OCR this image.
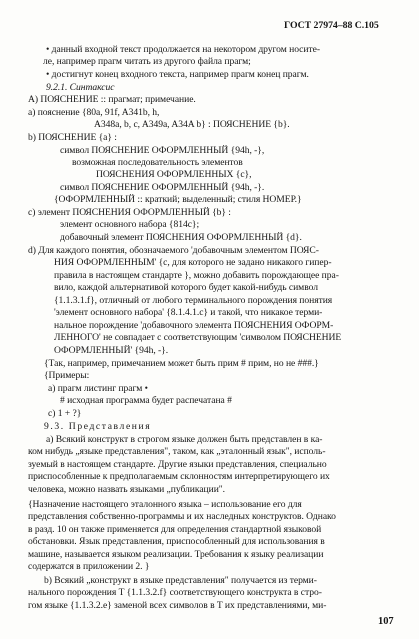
ГОСТ 27974–88 С.105
• данный входной текст продолжается на некотором другом носите-
ле, например прагм читать из другого файла прагм;
• достигнут конец входного текста, например прагм конец прагм.
9.2.1. Синтаксис
A) ПОЯСНЕНИЕ :: прагмат; примечание.
a) пояснение {80a, 91f, A341b, h,
A348a, b, c, A349a, A34A b} : ПОЯСНЕНИЕ {b}.
b) ПОЯСНЕНИЕ {a} :
символ ПОЯСНЕНИЕ ОФОРМЛЕННЫЙ {94h, -},
возможная последовательность элементов
ПОЯСНЕНИЯ ОФОРМЛЕННЫХ {c},
символ ПОЯСНЕНИЕ ОФОРМЛЕННЫЙ {94h, -}.
{ОФОРМЛЕННЫЙ :: краткий; выделенный; стиля НОМЕР.}
c) элемент ПОЯСНЕНИЯ ОФОРМЛЕННЫЙ {b} :
элемент основного набора {814c};
добавочный элемент ПОЯСНЕНИЯ ОФОРМЛЕННЫЙ {d}.
d) Для каждого понятия, обозначаемого 'добавочным элементом ПОЯС-
НИЯ ОФОРМЛЕННЫМ' {c, для которого не задано никакого гипер-
правила в настоящем стандарте }, можно добавить порождающее пра-
вило, каждой альтернативой которого будет какой-нибудь символ
{1.1.3.1.f}, отличный от любого терминального порождения понятия
'элемент основного набора' {8.1.4.1.c} и такой, что никакое терми-
нальное порождение 'добавочного элемента ПОЯСНЕНИЯ ОФОРМ-
ЛЕННОГО' не совпадает с соответствующим 'символом ПОЯСНЕНИЕ
ОФОРМЛЕННЫЙ' {94h, -}.
{Так, например, примечанием может быть прим # прим, но не ###.}
{Примеры:
a) прагм листинг прагм •
# исходная программа будет распечатана #
c) 1 + ?}
9.3. Представления
a) Всякий конструкт в строгом языке должен быть представлен в ка-
ком нибудь „языке представления", таком, как „эталонный язык", исполь-
зуемый в настоящем стандарте. Другие языки представления, специально
приспособленные к предполагаемым склонностям интерпретирующего их
человека, можно назвать языками „публикации".
{Назначение настоящего эталонного языка – использование его для
представления собственно-программы и их наследных конструктов. Однако
в разд. 10 он также применяется для определения стандартной языковой
обстановки. Язык представления, приспособленный для использования в
машине, называется языком реализации. Требования к языку реализации
содержатся в приложении 2. }
b) Всякий „конструкт в языке представления" получается из терми-
нального порождения T {1.1.3.2.f} соответствующего конструкта в стро-
гом языке {1.1.3.2.e} заменой всех символов в T их представлениями, ми-
107
